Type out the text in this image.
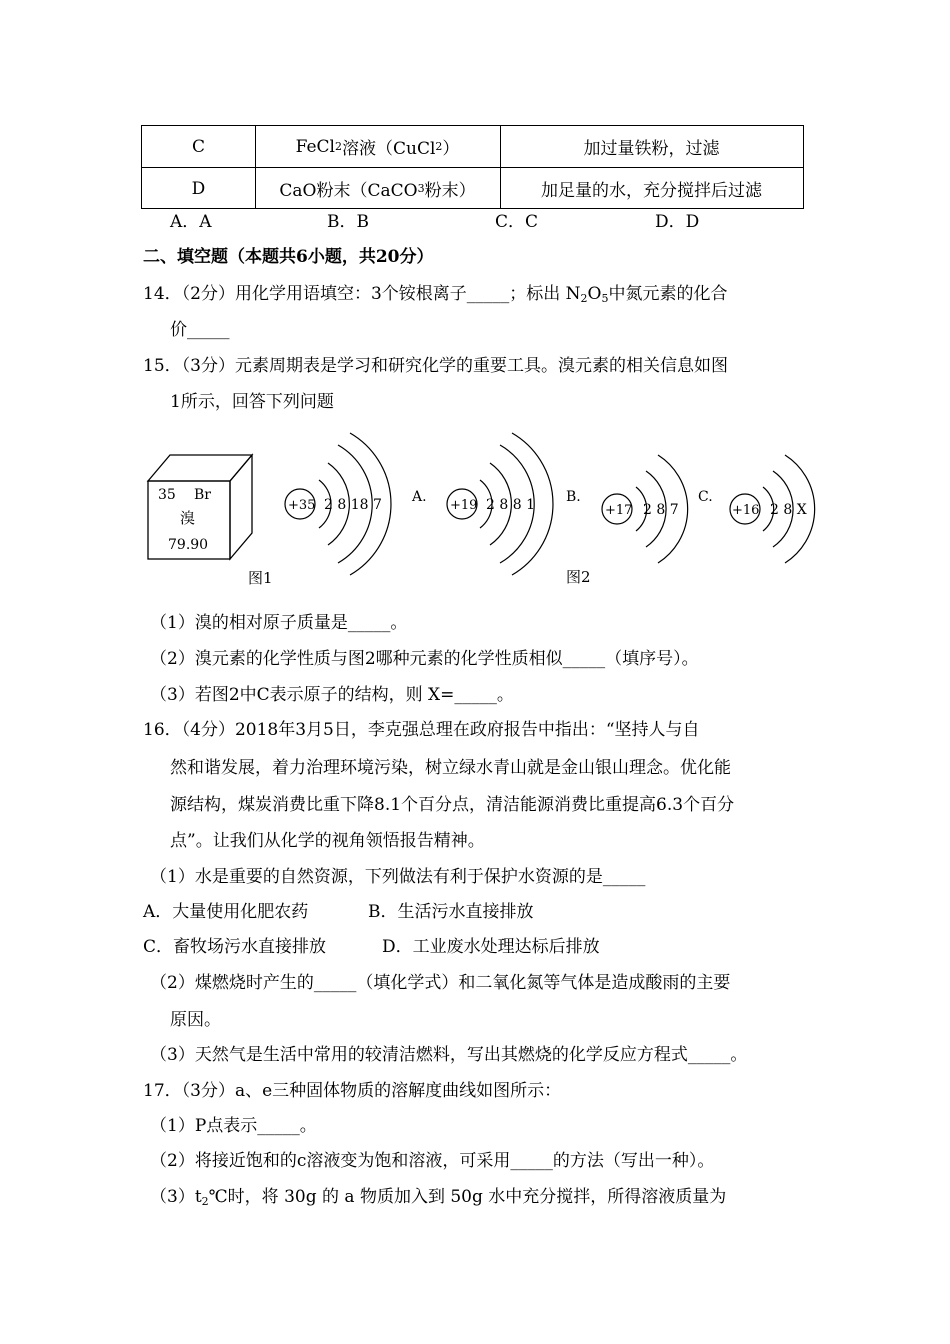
C	FeCl 2 溶液（CuCl 2 ）	加过量铁粉，过滤
D	CaO粉末（CaCO 3 粉末）	加足量的水，充分搅拌后过滤
A．A	B．B	C．C	D．D
二、填空题（本题共6小题，共20分）
14．（2分）用化学用语填空：3个铵根离子_____；标出 $N_2O_5$中氮元素的化合
价_____
15．（3分）元素周期表是学习和研究化学的重要工具。溴元素的相关信息如图
1所示，回答下列问题
35 Br
溴
79.90
图1	图2
+35 2 8 18 7 A.
+19 2 8 8 1 B.
+17 2 8 7
C.
+16 2 8 X
（1）溴的相对原子质量是_____。
（2）溴元素的化学性质与图2哪种元素的化学性质相似_____（填序号）。
（3）若图2中C表示原子的结构，则 X=_____。
16．（4分）2018年3月5日，李克强总理在政府报告中指出：“坚持人与自
然和谐发展，着力治理环境污染，树立绿水青山就是金山银山理念。优化能
源结构，煤炭消费比重下降8.1个百分点，清洁能源消费比重提高6.3个百分
点”。让我们从化学的视角领悟报告精神。
（1）水是重要的自然资源，下列做法有利于保护水资源的是_____
A．大量使用化肥农药	B．生活污水直接排放
C．畜牧场污水直接排放	D．工业废水处理达标后排放
（2）煤燃烧时产生的_____（填化学式）和二氧化氮等气体是造成酸雨的主要
原因。
（3）天然气是生活中常用的较清洁燃料，写出其燃烧的化学反应方程式_____。
17．（3分）a、e三种固体物质的溶解度曲线如图所示：
（1）P点表示_____。
（2）将接近饱和的c溶液变为饱和溶液，可采用_____的方法（写出一种）。
$(3)t_2℃$时，将 30g 的 a 物质加入到 50g 水中充分搅拌，所得溶液质量为
